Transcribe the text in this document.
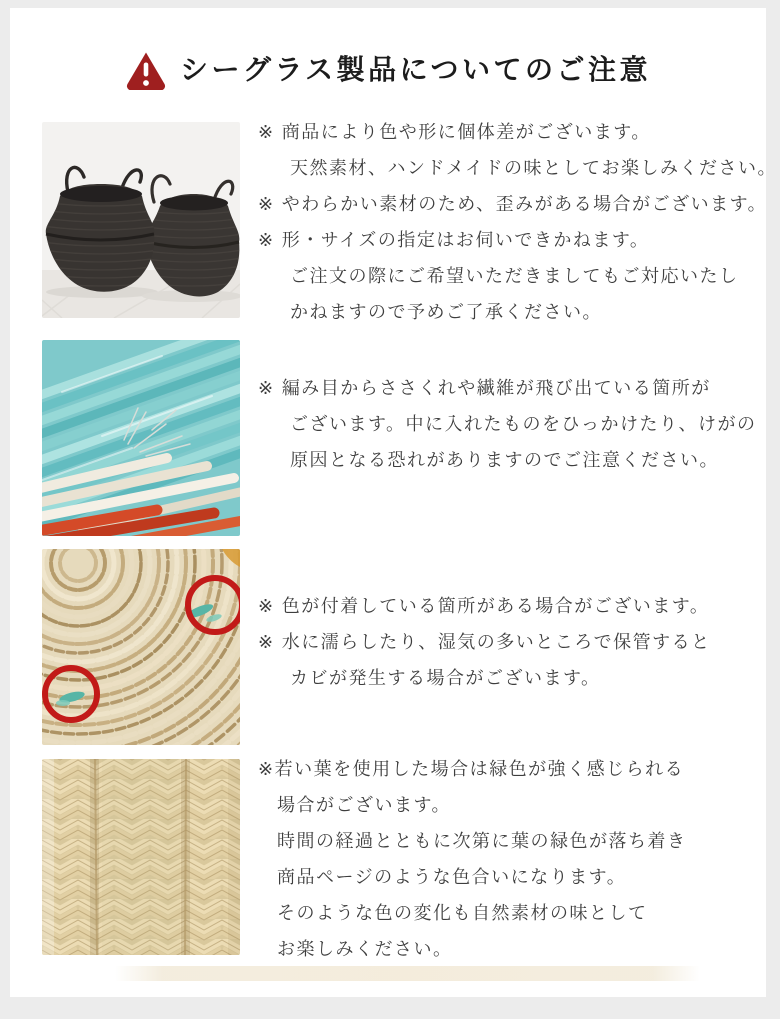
シーグラス製品についてのご注意

※ 商品により色や形に個体差がございます。

天然素材、ハンドメイドの味としてお楽しみください。

※ やわらかい素材のため、歪みがある場合がございます。

※ 形・サイズの指定はお伺いできかねます。

ご注文の際にご希望いただきましてもご対応いたし

かねますので予めご了承ください。

※ 編み目からささくれや繊維が飛び出ている箇所が

ございます。中に入れたものをひっかけたり、けがの

原因となる恐れがありますのでご注意ください。

※ 色が付着している箇所がある場合がございます。

※ 水に濡らしたり、湿気の多いところで保管すると

カビが発生する場合がございます。

※若い葉を使用した場合は緑色が強く感じられる

場合がございます。

時間の経過とともに次第に葉の緑色が落ち着き

商品ページのような色合いになります。

そのような色の変化も自然素材の味として

お楽しみください。
